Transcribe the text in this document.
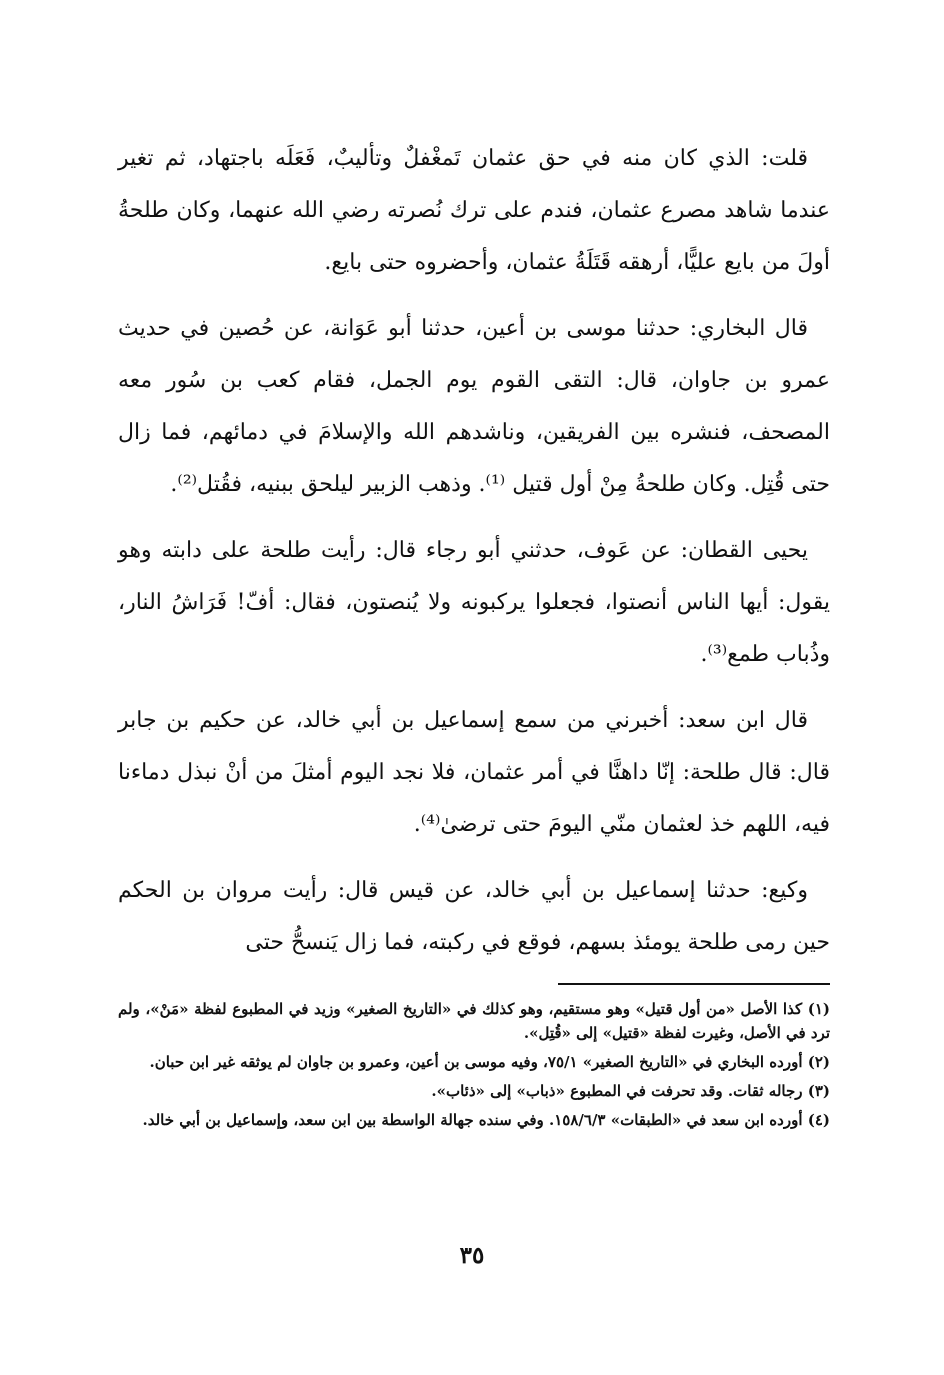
قلت: الذي كان منه في حق عثمان تَمغْفلٌ وتأليبٌ، فَعَلَه باجتهاد، ثم تغير عندما شاهد مصرع عثمان، فندم على ترك نُصرته رضي الله عنهما، وكان طلحةُ أولَ من بايع عليًّا، أرهقه قَتَلَةُ عثمان، وأحضروه حتى بايع.

قال البخاري: حدثنا موسى بن أعين، حدثنا أبو عَوَانة، عن حُصين في حديث عمرو بن جاوان، قال: التقى القوم يوم الجمل، فقام كعب بن سُور معه المصحف، فنشره بين الفريقين، وناشدهم الله والإسلامَ في دمائهم، فما زال حتى قُتِل. وكان طلحةُ مِنْ أول قتيل ⁽¹⁾. وذهب الزبير ليلحق ببنيه، فقُتل⁽²⁾.

يحيى القطان: عن عَوف، حدثني أبو رجاء قال: رأيت طلحة على دابته وهو يقول: أيها الناس أنصتوا، فجعلوا يركبونه ولا يُنصتون، فقال: أفّ! فَرَاشُ النار، وذُباب طمع⁽³⁾.

قال ابن سعد: أخبرني من سمع إسماعيل بن أبي خالد، عن حكيم بن جابر قال: قال طلحة: إنّا داهنَّا في أمر عثمان، فلا نجد اليوم أمثلَ من أنْ نبذل دماءنا فيه، اللهم خذ لعثمان منّي اليومَ حتى ترضىٰ⁽⁴⁾.

وكيع: حدثنا إسماعيل بن أبي خالد، عن قيس قال: رأيت مروان بن الحكم حين رمى طلحة يومئذ بسهم، فوقع في ركبته، فما زال يَنسحُّ حتى

(١) كذا الأصل «من أول قتيل» وهو مستقيم، وهو كذلك في «التاريخ الصغير» وزيد في المطبوع لفظة «مَنْ»، ولم ترد في الأصل، وغيرت لفظة «قتيل» إلى «قُتِل».

(٢) أورده البخاري في «التاريخ الصغير» ٧٥/١، وفيه موسى بن أعين، وعمرو بن جاوان لم يوثقه غير ابن حبان.

(٣) رجاله ثقات. وقد تحرفت في المطبوع «ذباب» إلى «ذئاب».

(٤) أورده ابن سعد في «الطبقات» ١٥٨/٦/٣. وفي سنده جهالة الواسطة بين ابن سعد، وإسماعيل بن أبي خالد.

٣٥
